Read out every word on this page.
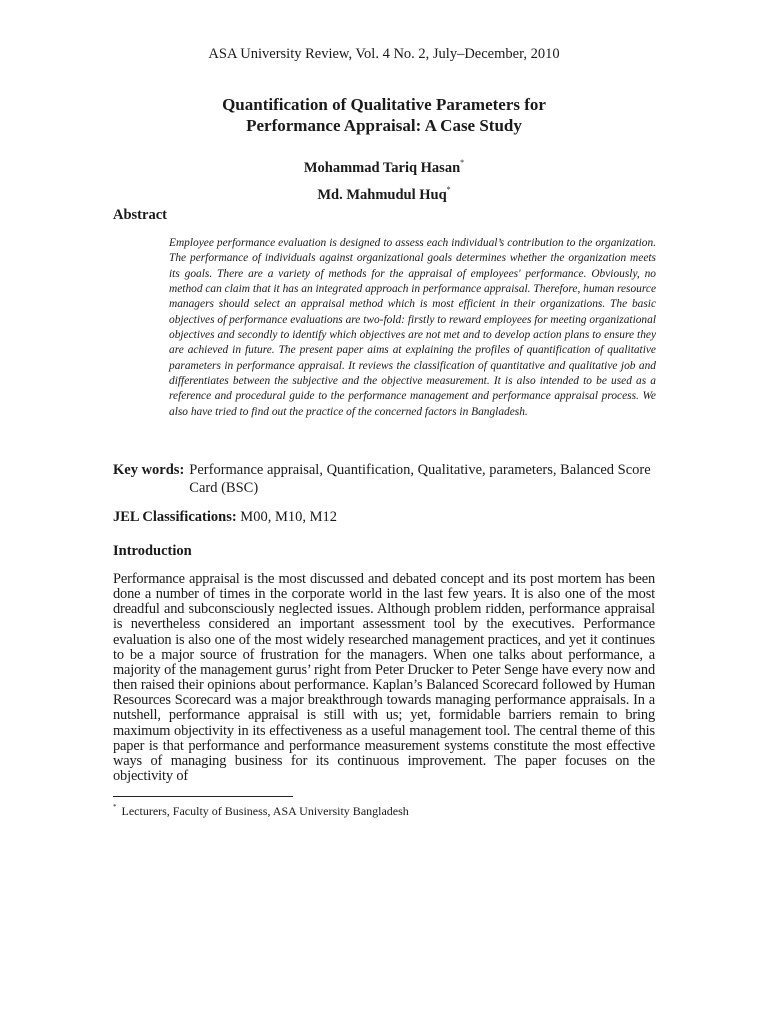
ASA University Review, Vol. 4 No. 2, July–December, 2010
Quantification of Qualitative Parameters for
Performance Appraisal: A Case Study
Mohammad Tariq Hasan*
Md. Mahmudul Huq*
Abstract
Employee performance evaluation is designed to assess each individual’s contribution to the organization. The performance of individuals against organizational goals determines whether the organization meets its goals. There are a variety of methods for the appraisal of employees' performance. Obviously, no method can claim that it has an integrated approach in performance appraisal. Therefore, human resource managers should select an appraisal method which is most efficient in their organizations. The basic objectives of performance evaluations are two-fold: firstly to reward employees for meeting organizational objectives and secondly to identify which objectives are not met and to develop action plans to ensure they are achieved in future. The present paper aims at explaining the profiles of quantification of qualitative parameters in performance appraisal. It reviews the classification of quantitative and qualitative job and differentiates between the subjective and the objective measurement. It is also intended to be used as a reference and procedural guide to the performance management and performance appraisal process. We also have tried to find out the practice of the concerned factors in Bangladesh.
Key words: Performance appraisal, Quantification, Qualitative, parameters, Balanced Score Card (BSC)
JEL Classifications: M00, M10, M12
Introduction
Performance appraisal is the most discussed and debated concept and its post mortem has been done a number of times in the corporate world in the last few years. It is also one of the most dreadful and subconsciously neglected issues. Although problem ridden, performance appraisal is nevertheless considered an important assessment tool by the executives. Performance evaluation is also one of the most widely researched management practices, and yet it continues to be a major source of frustration for the managers. When one talks about performance, a majority of the management gurus’ right from Peter Drucker to Peter Senge have every now and then raised their opinions about performance. Kaplan’s Balanced Scorecard followed by Human Resources Scorecard was a major breakthrough towards managing performance appraisals. In a nutshell, performance appraisal is still with us; yet, formidable barriers remain to bring maximum objectivity in its effectiveness as a useful management tool. The central theme of this paper is that performance and performance measurement systems constitute the most effective ways of managing business for its continuous improvement. The paper focuses on the objectivity of
* Lecturers, Faculty of Business, ASA University Bangladesh
